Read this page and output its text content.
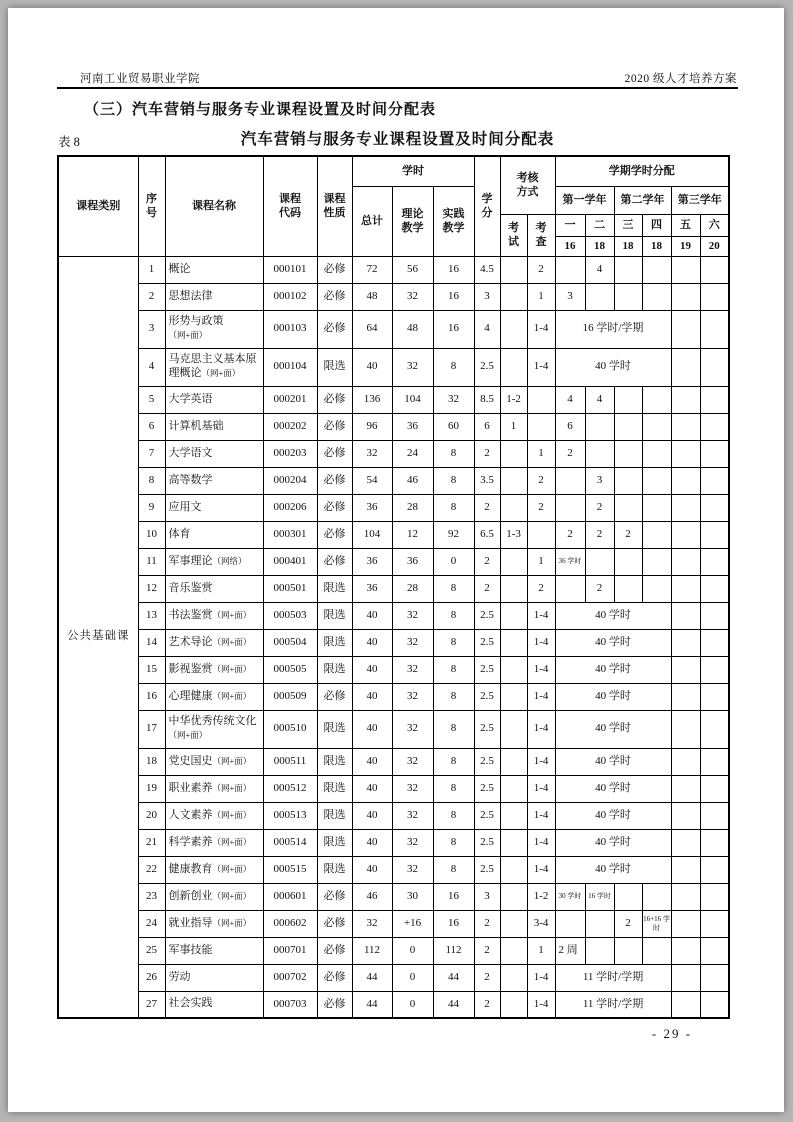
河南工业贸易职业学院	2020 级人才培养方案
（三）汽车营销与服务专业课程设置及时间分配表
表 8	汽车营销与服务专业课程设置及时间分配表
课程类别	序号	课程名称	课程代码	课程性质	学时			学分	考核方式		学期学时分配					
					总计	理论教学	实践教学				第一学年		第二学年		第三学年	
									考试	考查	一	二	三	四	五	六
											16	18	18	18	19	20
公共基础课	1	概论	000101	必修	72	56	16	4.5		2		4				
	2	思想法律	000102	必修	48	32	16	3		1	3					
	3	形势与政策
（网+面）	000103	必修	64	48	16	4		1-4	16 学时/学期					
	4	马克思主义基本原理概论（网+面）	000104	限选	40	32	8	2.5		1-4	40 学时					
	5	大学英语	000201	必修	136	104	32	8.5	1-2		4	4				
	6	计算机基础	000202	必修	96	36	60	6	1		6					
	7	大学语文	000203	必修	32	24	8	2		1	2					
	8	高等数学	000204	必修	54	46	8	3.5		2		3				
	9	应用文	000206	必修	36	28	8	2		2		2				
	10	体育	000301	必修	104	12	92	6.5	1-3		2	2	2			
	11	军事理论（网络）	000401	必修	36	36	0	2		1	36 学时					
	12	音乐鉴赏	000501	限选	36	28	8	2		2		2				
	13	书法鉴赏（网+面）	000503	限选	40	32	8	2.5		1-4	40 学时					
	14	艺术导论（网+面）	000504	限选	40	32	8	2.5		1-4	40 学时					
	15	影视鉴赏（网+面）	000505	限选	40	32	8	2.5		1-4	40 学时					
	16	心理健康（网+面）	000509	必修	40	32	8	2.5		1-4	40 学时					
	17	中华优秀传统文化（网+面）	000510	限选	40	32	8	2.5		1-4	40 学时					
	18	党史国史（网+面）	000511	限选	40	32	8	2.5		1-4	40 学时					
	19	职业素养（网+面）	000512	限选	40	32	8	2.5		1-4	40 学时					
	20	人文素养（网+面）	000513	限选	40	32	8	2.5		1-4	40 学时					
	21	科学素养（网+面）	000514	限选	40	32	8	2.5		1-4	40 学时					
	22	健康教育（网+面）	000515	限选	40	32	8	2.5		1-4	40 学时					
	23	创新创业（网+面）	000601	必修	46	30	16	3		1-2	30 学时	16 学时				
	24	就业指导（网+面）	000602	必修	32	+16	16	2		3-4			2	16+16 学时		
	25	军事技能	000701	必修	112	0	112	2		1	2 周					
	26	劳动	000702	必修	44	0	44	2		1-4	11 学时/学期					
	27	社会实践	000703	必修	44	0	44	2		1-4	11 学时/学期					
- 29 -
